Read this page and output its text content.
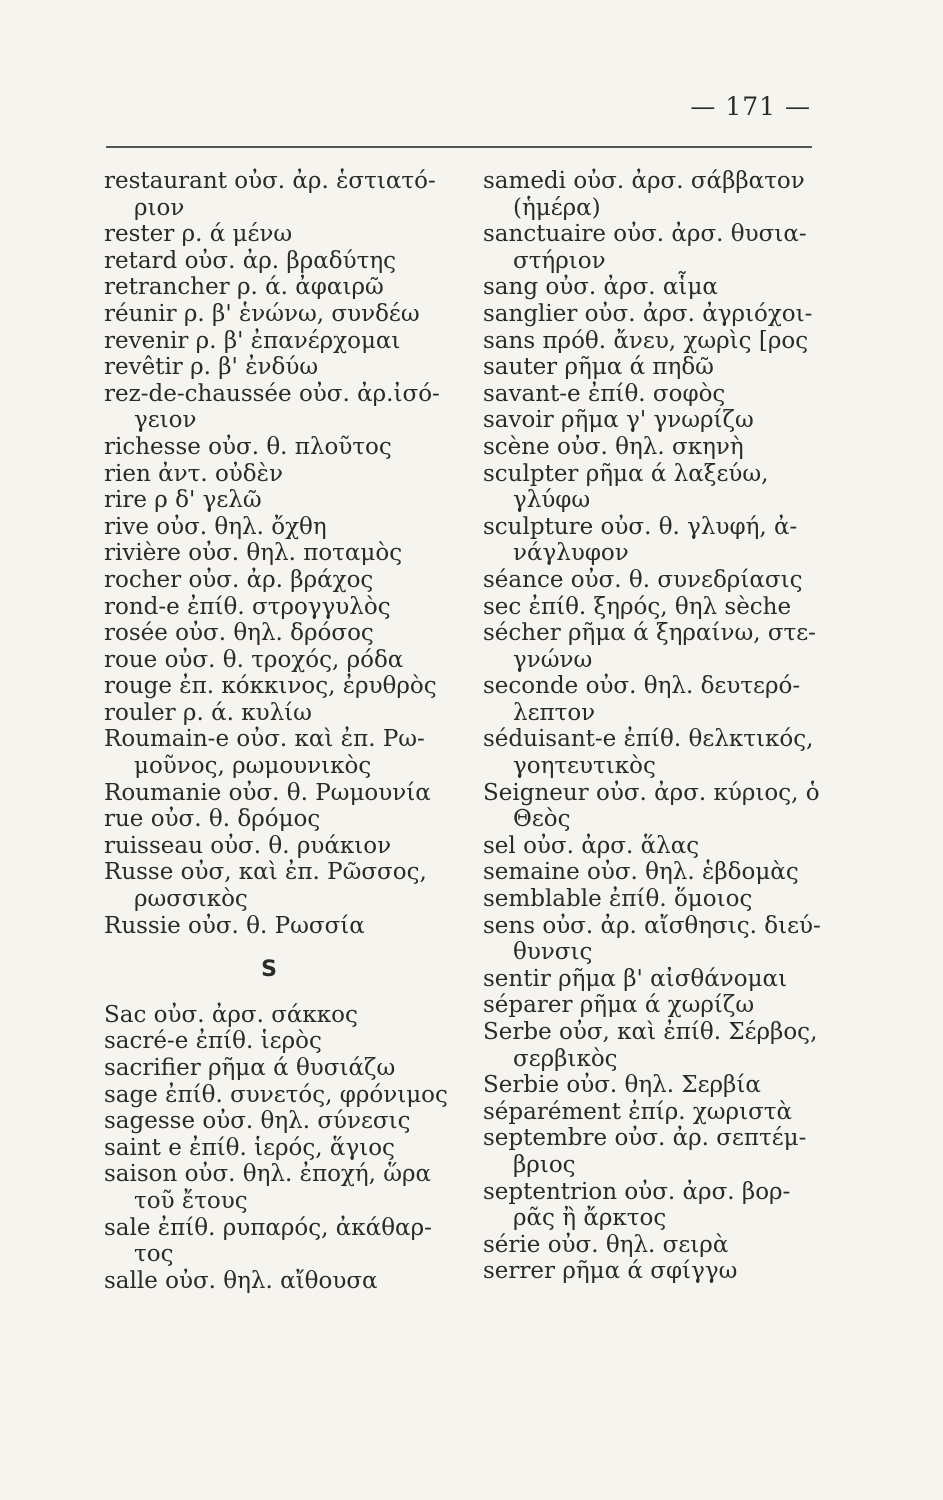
— 171 —
restaurant οὐσ. ἀρ. ἑστιατό-
ριον
rester ρ. ά μένω
retard οὐσ. ἀρ. βραδύτης
retrancher ρ. ά. ἀφαιρῶ
réunir ρ. β' ἑνώνω, συνδέω
revenir ρ. β' ἐπανέρχομαι
revêtir ρ. β' ἐνδύω
rez-de-chaussée οὐσ. ἀρ.ἰσό-
γειον
richesse οὐσ. θ. πλοῦτος
rien ἀντ. οὐδὲν
rire ρ δ' γελῶ
rive οὐσ. θηλ. ὄχθη
rivière οὐσ. θηλ. ποταμὸς
rocher οὐσ. ἀρ. βράχος
rond-e ἐπίθ. στρογγυλὸς
rosée οὐσ. θηλ. δρόσος
roue οὐσ. θ. τροχός, ρόδα
rouge ἐπ. κόκκινος, ἐρυθρὸς
rouler ρ. ά. κυλίω
Roumain-e οὐσ. καὶ ἐπ. Ρω-
μοῦνος, ρωμουνικὸς
Roumanie οὐσ. θ. Ρωμουνία
rue οὐσ. θ. δρόμος
ruisseau οὐσ. θ. ρυάκιον
Russe οὐσ, καὶ ἐπ. Ρῶσσος,
ρωσσικὸς
Russie οὐσ. θ. Ρωσσία
S
Sac οὐσ. ἀρσ. σάκκος
sacré-e ἐπίθ. ἱερὸς
sacrifier ρῆμα ά θυσιάζω
sage ἐπίθ. συνετός, φρόνιμος
sagesse οὐσ. θηλ. σύνεσις
saint e ἐπίθ. ἱερός, ἅγιος
saison οὐσ. θηλ. ἐποχή, ὥρα
τοῦ ἔτους
sale ἐπίθ. ρυπαρός, ἀκάθαρ-
τος
salle οὐσ. θηλ. αἴθουσα
samedi οὐσ. ἀρσ. σάββατον
(ἡμέρα)
sanctuaire οὐσ. ἀρσ. θυσια-
στήριον
sang οὐσ. ἀρσ. αἷμα
sanglier οὐσ. ἀρσ. ἀγριόχοι-
sans πρόθ. ἄνευ, χωρὶς [ρος
sauter ρῆμα ά πηδῶ
savant-e ἐπίθ. σοφὸς
savoir ρῆμα γ' γνωρίζω
scène οὐσ. θηλ. σκηνὴ
sculpter ρῆμα ά λαξεύω,
γλύφω
sculpture οὐσ. θ. γλυφή, ἀ-
νάγλυφον
séance οὐσ. θ. συνεδρίασις
sec ἐπίθ. ξηρός, θηλ sèche
sécher ρῆμα ά ξηραίνω, στε-
γνώνω
seconde οὐσ. θηλ. δευτερό-
λεπτον
séduisant-e ἐπίθ. θελκτικός,
γοητευτικὸς
Seigneur οὐσ. ἀρσ. κύριος, ὁ
Θεὸς
sel οὐσ. ἀρσ. ἅλας
semaine οὐσ. θηλ. ἑβδομὰς
semblable ἐπίθ. ὅμοιος
sens οὐσ. ἀρ. αἴσθησις. διεύ-
θυνσις
sentir ρῆμα β' αἰσθάνομαι
séparer ρῆμα ά χωρίζω
Serbe οὐσ, καὶ ἐπίθ. Σέρβος,
σερβικὸς
Serbie οὐσ. θηλ. Σερβία
séparément ἐπίρ. χωριστὰ
septembre οὐσ. ἀρ. σεπτέμ-
βριος
septentrion οὐσ. ἀρσ. βορ-
ρᾶς ἢ ἄρκτος
série οὐσ. θηλ. σειρὰ
serrer ρῆμα ά σφίγγω
